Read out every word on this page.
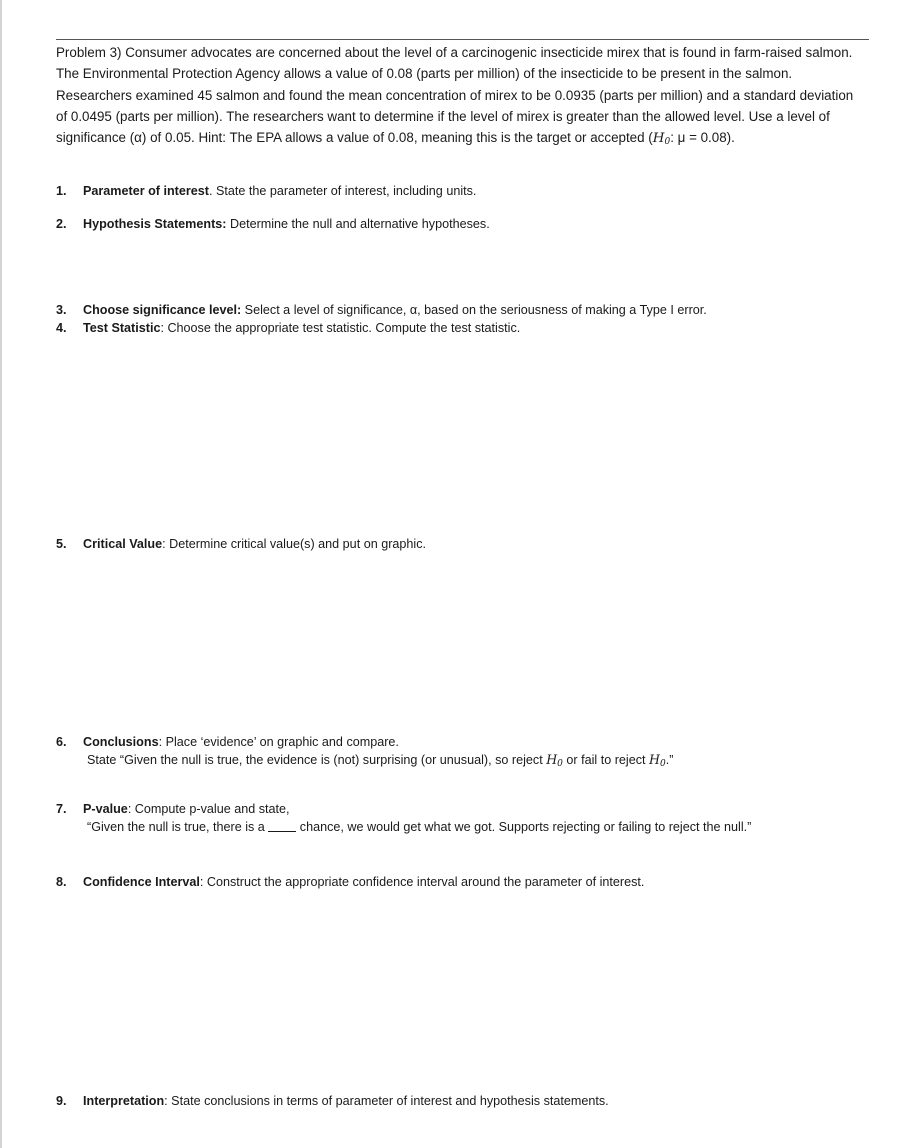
Problem 3) Consumer advocates are concerned about the level of a carcinogenic insecticide mirex that is found in farm-raised salmon. The Environmental Protection Agency allows a value of 0.08 (parts per million) of the insecticide to be present in the salmon. Researchers examined 45 salmon and found the mean concentration of mirex to be 0.0935 (parts per million) and a standard deviation of 0.0495 (parts per million). The researchers want to determine if the level of mirex is greater than the allowed level. Use a level of significance (α) of 0.05. Hint: The EPA allows a value of 0.08, meaning this is the target or accepted ($H_0$: μ = 0.08).
1. Parameter of interest. State the parameter of interest, including units.
2. Hypothesis Statements: Determine the null and alternative hypotheses.
3. Choose significance level: Select a level of significance, α, based on the seriousness of making a Type I error.
4. Test Statistic: Choose the appropriate test statistic. Compute the test statistic.
5. Critical Value: Determine critical value(s) and put on graphic.
6. Conclusions: Place ‘evidence’ on graphic and compare.
State “Given the null is true, the evidence is (not) surprising (or unusual), so reject $H_0$ or fail to reject $H_0$.”
7. P-value: Compute p-value and state,
“Given the null is true, there is a  chance, we would get what we got. Supports rejecting or failing to reject the null.”
8. Confidence Interval: Construct the appropriate confidence interval around the parameter of interest.
9. Interpretation: State conclusions in terms of parameter of interest and hypothesis statements.
